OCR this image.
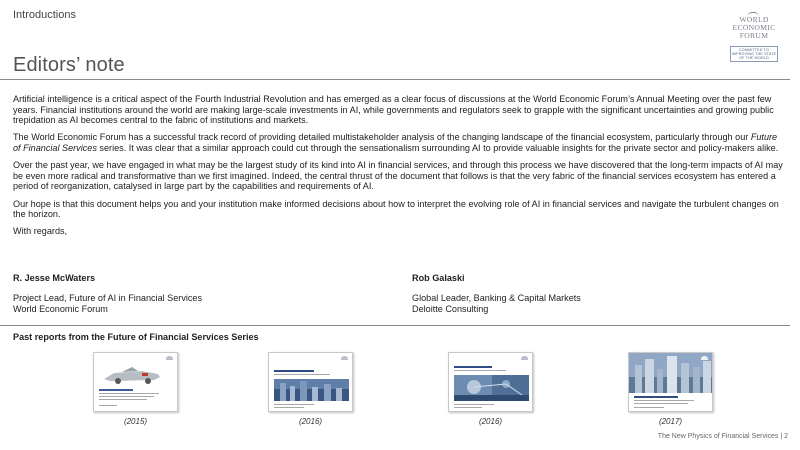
Introductions	WORLD
ECONOMIC
FORUM
COMMITTED TO
IMPROVING THE STATE
OF THE WORLD
Editors’ note

Artificial intelligence is a critical aspect of the Fourth Industrial Revolution and has emerged as a clear focus of discussions at the World Economic Forum’s Annual Meeting over the past few years. Financial institutions around the world are making large-scale investments in AI, while governments and regulators seek to grapple with the significant uncertainties and growing public trepidation as AI becomes central to the fabric of institutions and markets.

The World Economic Forum has a successful track record of providing detailed multistakeholder analysis of the changing landscape of the financial ecosystem, particularly through our Future of Financial Services series. It was clear that a similar approach could cut through the sensationalism surrounding AI to provide valuable insights for the private sector and policy-makers alike.

Over the past year, we have engaged in what may be the largest study of its kind into AI in financial services, and through this process we have discovered that the long-term impacts of AI may be even more radical and transformative than we first imagined. Indeed, the central thrust of the document that follows is that the very fabric of the financial services ecosystem has entered a period of reorganization, catalysed in large part by the capabilities and requirements of AI.

Our hope is that this document helps you and your institution make informed decisions about how to interpret the evolving role of AI in financial services and navigate the turbulent changes on the horizon.

With regards,

R. Jesse McWaters
Project Lead, Future of AI in Financial Services
World Economic Forum
Rob Galaski
Global Leader, Banking & Capital Markets
Deloitte Consulting
Past reports from the Future of Financial Services Series
(2015)	(2016)	(2016)	(2017)
The New Physics of Financial Services | 2
